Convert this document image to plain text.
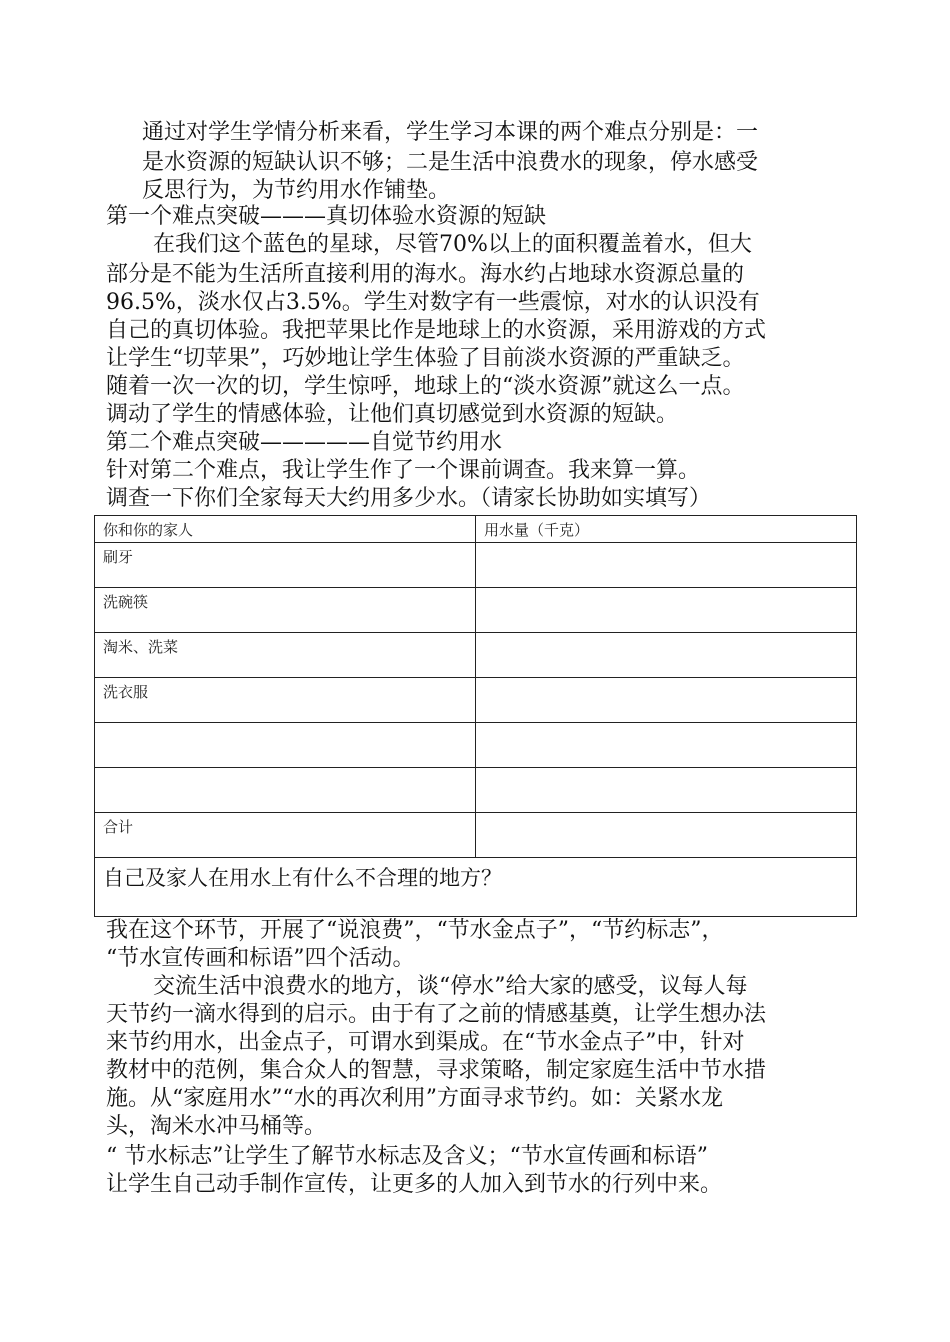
通过对学生学情分析来看，学生学习本课的两个难点分别是：一
是水资源的短缺认识不够；二是生活中浪费水的现象，停水感受
反思行为，为节约用水作铺垫。
第一个难点突破———真切体验水资源的短缺
在我们这个蓝色的星球，尽管70%以上的面积覆盖着水，但大
部分是不能为生活所直接利用的海水。海水约占地球水资源总量的
96.5%，淡水仅占3.5%。学生对数字有一些震惊，对水的认识没有
自己的真切体验。我把苹果比作是地球上的水资源，采用游戏的方式
让学生“切苹果”，巧妙地让学生体验了目前淡水资源的严重缺乏。
随着一次一次的切，学生惊呼，地球上的“淡水资源”就这么一点。
调动了学生的情感体验，让他们真切感觉到水资源的短缺。
第二个难点突破—————自觉节约用水
针对第二个难点，我让学生作了一个课前调查。我来算一算。
调查一下你们全家每天大约用多少水。（请家长协助如实填写）
你和你的家人	用水量（千克）
刷牙	
洗碗筷	
淘米、洗菜	
洗衣服	

合计	
自己及家人在用水上有什么不合理的地方？	
我在这个环节，开展了“说浪费”，“节水金点子”，“节约标志”，
“节水宣传画和标语”四个活动。
交流生活中浪费水的地方，谈“停水”给大家的感受，议每人每
天节约一滴水得到的启示。由于有了之前的情感基奠，让学生想办法
来节约用水，出金点子，可谓水到渠成。在“节水金点子”中，针对
教材中的范例，集合众人的智慧，寻求策略，制定家庭生活中节水措
施。从“家庭用水”“水的再次利用”方面寻求节约。如：关紧水龙
头，淘米水冲马桶等。
“ 节水标志”让学生了解节水标志及含义；“节水宣传画和标语”
让学生自己动手制作宣传，让更多的人加入到节水的行列中来。
